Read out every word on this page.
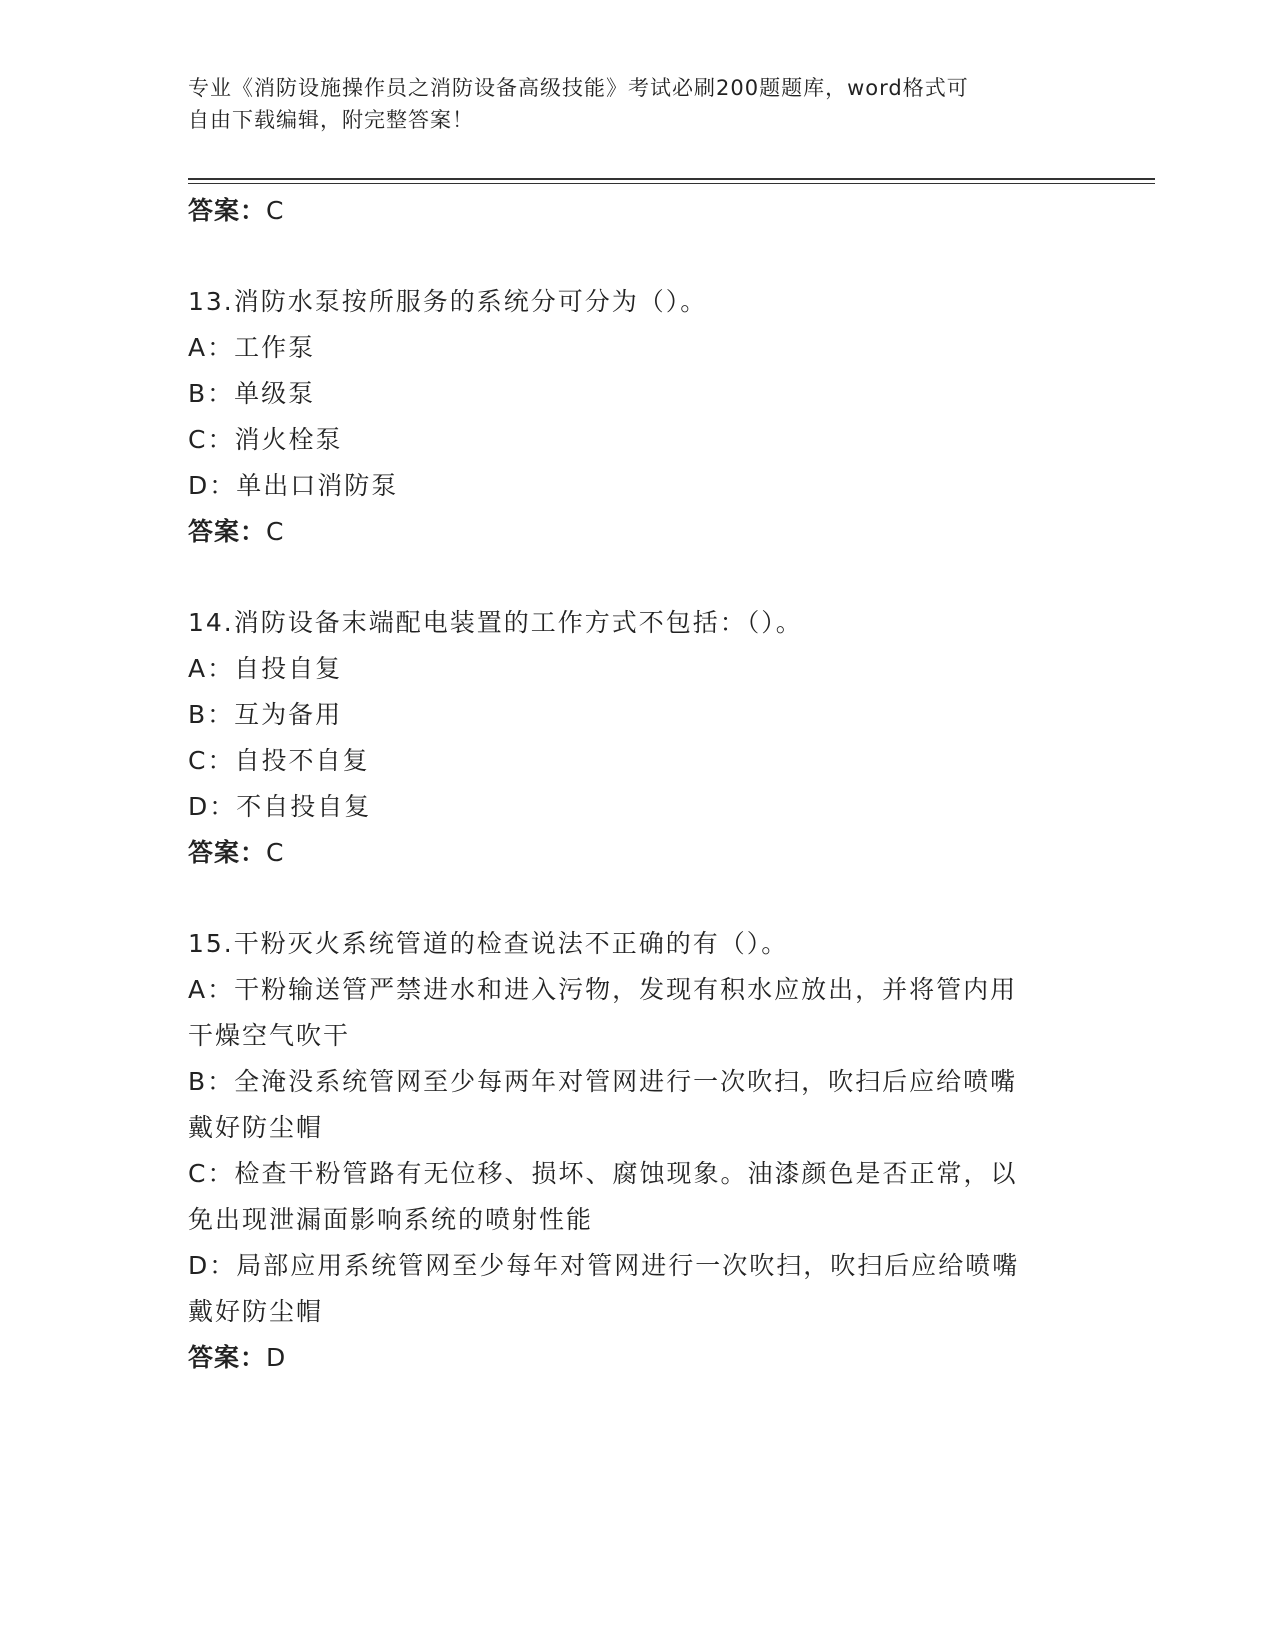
专业《消防设施操作员之消防设备高级技能》考试必刷200题题库，word格式可
自由下载编辑，附完整答案！
答案：C
13.消防水泵按所服务的系统分可分为（）。
A：工作泵
B：单级泵
C：消火栓泵
D：单出口消防泵
答案：C
14.消防设备末端配电装置的工作方式不包括：（）。
A：自投自复
B：互为备用
C：自投不自复
D：不自投自复
答案：C
15.干粉灭火系统管道的检查说法不正确的有（）。
A：干粉输送管严禁进水和进入污物，发现有积水应放出，并将管内用
干燥空气吹干
B：全淹没系统管网至少每两年对管网进行一次吹扫，吹扫后应给喷嘴
戴好防尘帽
C：检查干粉管路有无位移、损坏、腐蚀现象。油漆颜色是否正常，以
免出现泄漏面影响系统的喷射性能
D：局部应用系统管网至少每年对管网进行一次吹扫，吹扫后应给喷嘴
戴好防尘帽
答案：D
